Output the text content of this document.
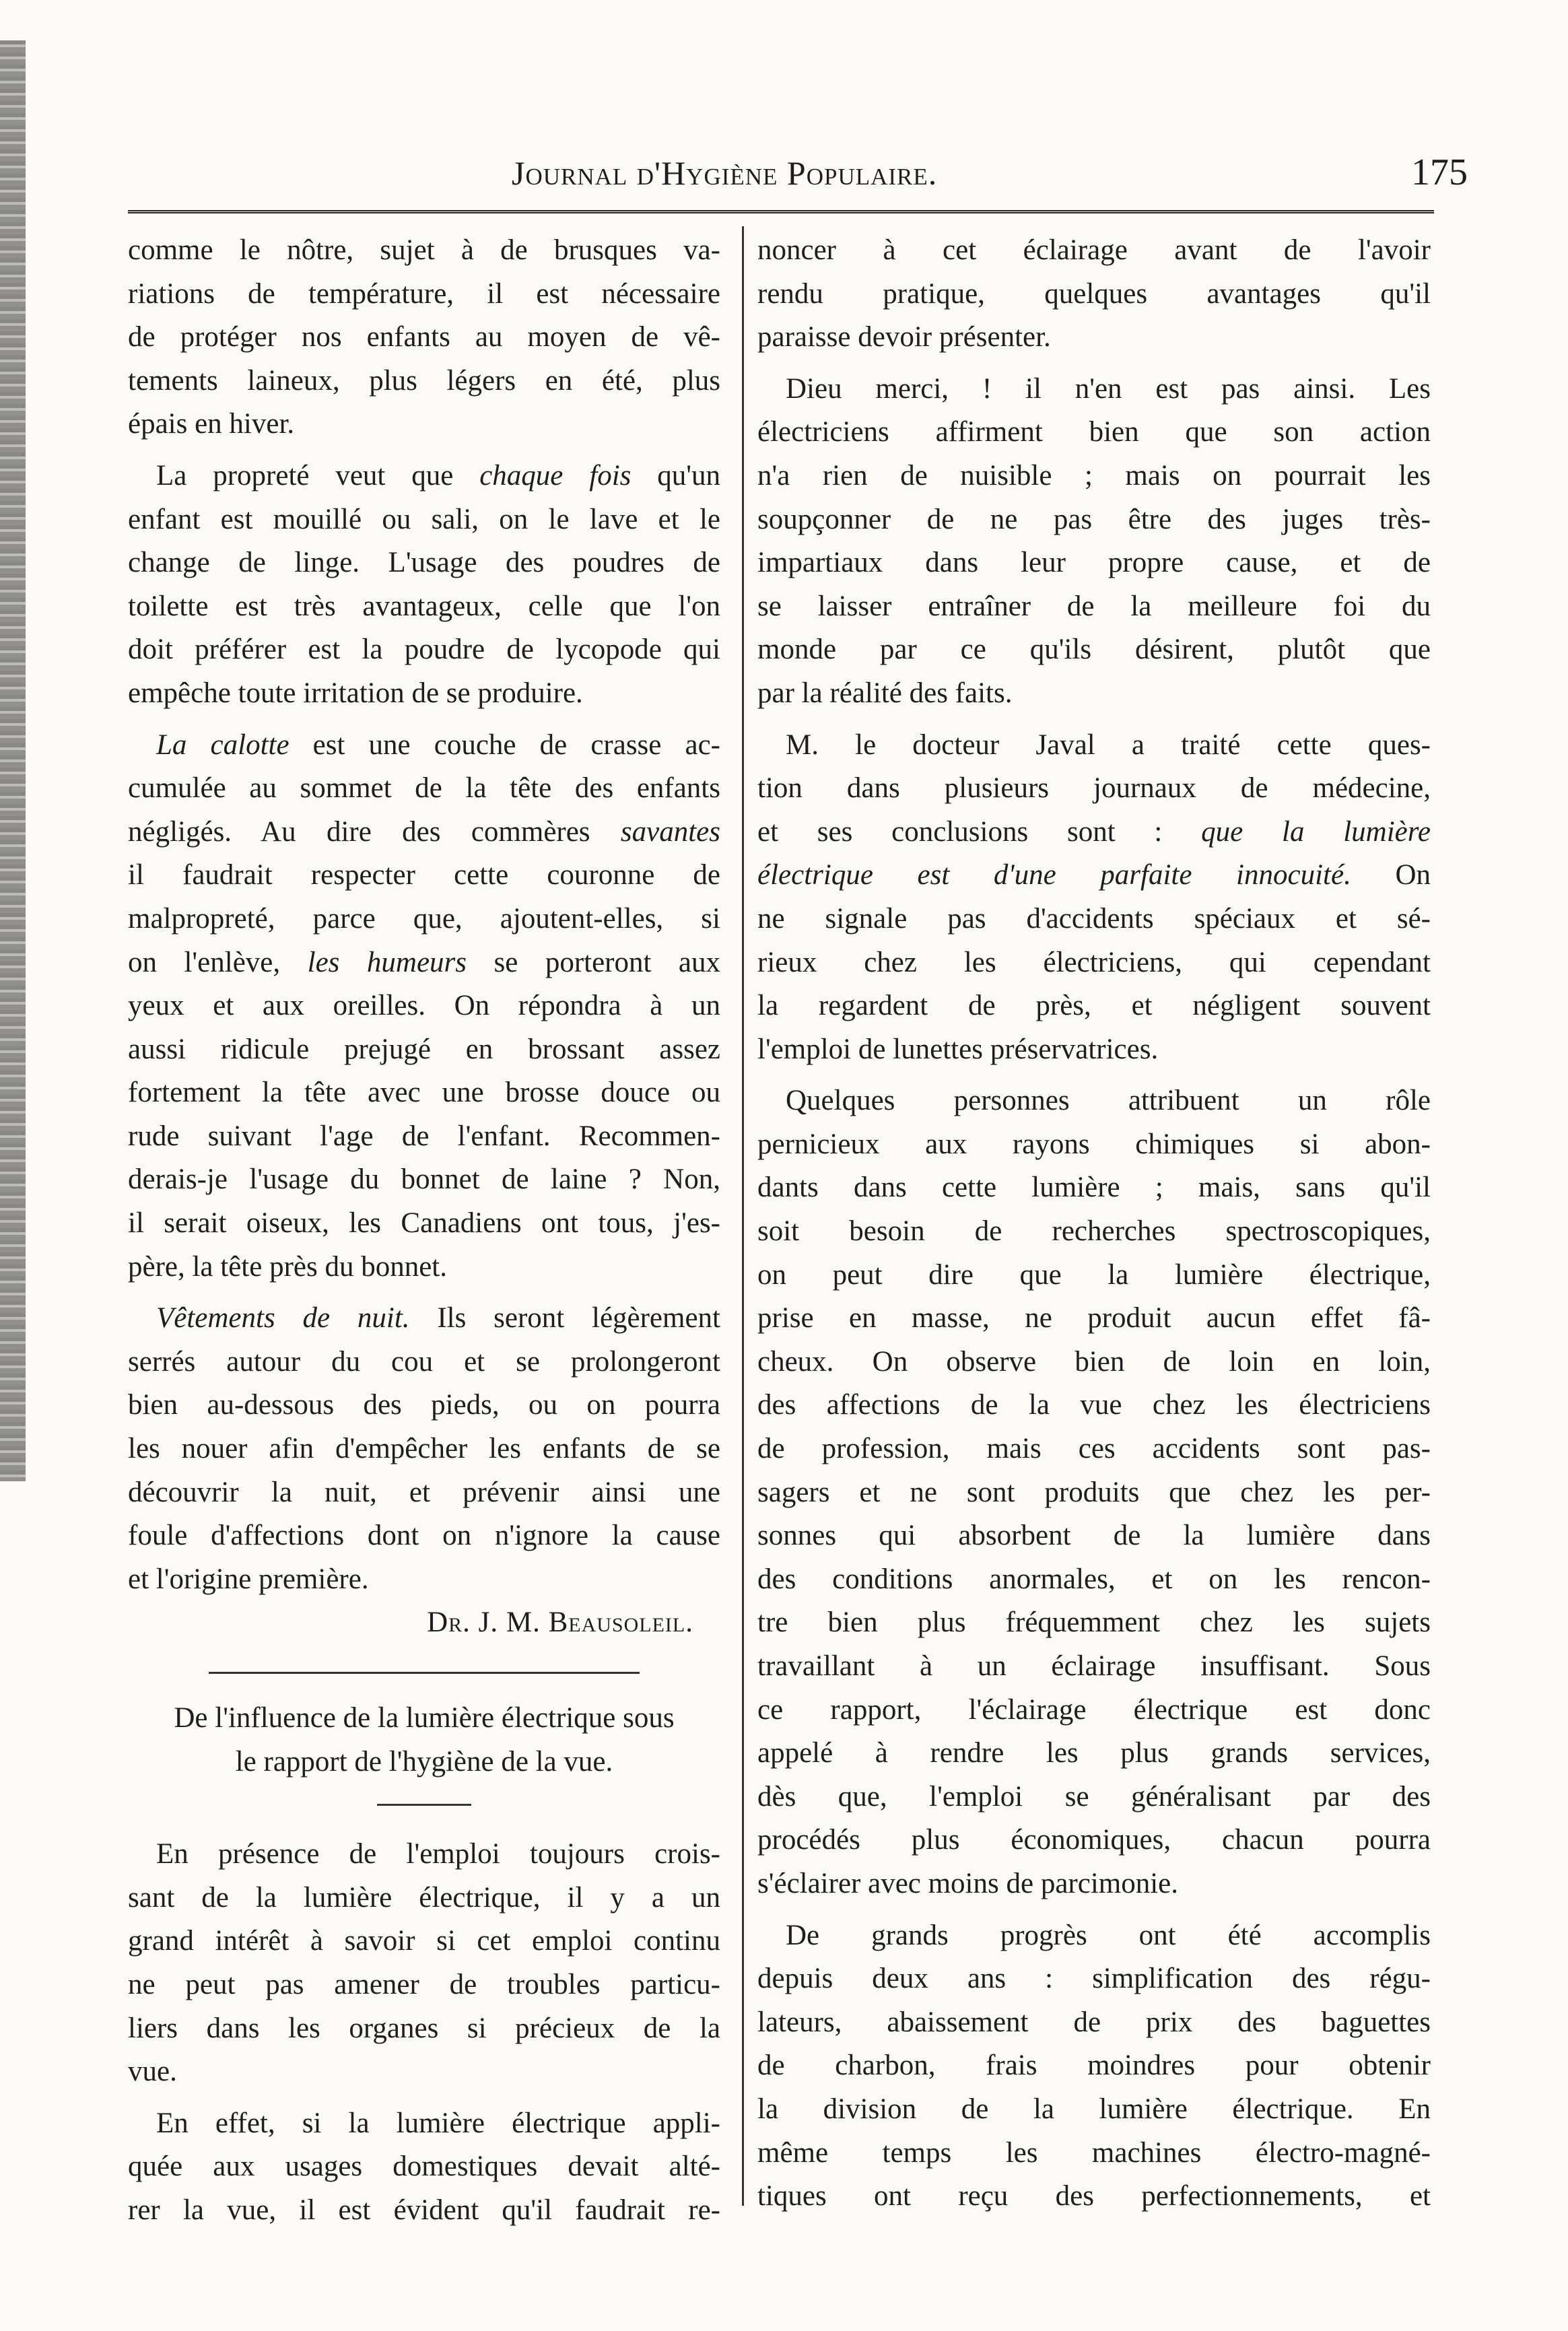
Journal d'Hygiène Populaire.	175
comme le nôtre, sujet à de brusques va-
riations de température, il est nécessaire
de protéger nos enfants au moyen de vê-
tements laineux, plus légers en été, plus
épais en hiver.
La propreté veut que chaque fois qu'un
enfant est mouillé ou sali, on le lave et le
change de linge. L'usage des poudres de
toilette est très avantageux, celle que l'on
doit préférer est la poudre de lycopode qui
empêche toute irritation de se produire.
La calotte est une couche de crasse ac-
cumulée au sommet de la tête des enfants
négligés. Au dire des commères savantes
il faudrait respecter cette couronne de
malpropreté, parce que, ajoutent-elles, si
on l'enlève, les humeurs se porteront aux
yeux et aux oreilles. On répondra à un
aussi ridicule prejugé en brossant assez
fortement la tête avec une brosse douce ou
rude suivant l'age de l'enfant. Recommen-
derais-je l'usage du bonnet de laine ? Non,
il serait oiseux, les Canadiens ont tous, j'es-
père, la tête près du bonnet.
Vêtements de nuit. Ils seront légèrement
serrés autour du cou et se prolongeront
bien au-dessous des pieds, ou on pourra
les nouer afin d'empêcher les enfants de se
découvrir la nuit, et prévenir ainsi une
foule d'affections dont on n'ignore la cause
et l'origine première.
Dr. J. M. Beausoleil.
De l'influence de la lumière électrique sous
le rapport de l'hygiène de la vue.
En présence de l'emploi toujours crois-
sant de la lumière électrique, il y a un
grand intérêt à savoir si cet emploi continu
ne peut pas amener de troubles particu-
liers dans les organes si précieux de la
vue.
En effet, si la lumière électrique appli-
quée aux usages domestiques devait alté-
rer la vue, il est évident qu'il faudrait re-
noncer à cet éclairage avant de l'avoir
rendu pratique, quelques avantages qu'il
paraisse devoir présenter.
Dieu merci, ! il n'en est pas ainsi. Les
électriciens affirment bien que son action
n'a rien de nuisible ; mais on pourrait les
soupçonner de ne pas être des juges très-
impartiaux dans leur propre cause, et de
se laisser entraîner de la meilleure foi du
monde par ce qu'ils désirent, plutôt que
par la réalité des faits.
M. le docteur Javal a traité cette ques-
tion dans plusieurs journaux de médecine,
et ses conclusions sont : que la lumière
électrique est d'une parfaite innocuité. On
ne signale pas d'accidents spéciaux et sé-
rieux chez les électriciens, qui cependant
la regardent de près, et négligent souvent
l'emploi de lunettes préservatrices.
Quelques personnes attribuent un rôle
pernicieux aux rayons chimiques si abon-
dants dans cette lumière ; mais, sans qu'il
soit besoin de recherches spectroscopiques,
on peut dire que la lumière électrique,
prise en masse, ne produit aucun effet fâ-
cheux. On observe bien de loin en loin,
des affections de la vue chez les électriciens
de profession, mais ces accidents sont pas-
sagers et ne sont produits que chez les per-
sonnes qui absorbent de la lumière dans
des conditions anormales, et on les rencon-
tre bien plus fréquemment chez les sujets
travaillant à un éclairage insuffisant. Sous
ce rapport, l'éclairage électrique est donc
appelé à rendre les plus grands services,
dès que, l'emploi se généralisant par des
procédés plus économiques, chacun pourra
s'éclairer avec moins de parcimonie.
De grands progrès ont été accomplis
depuis deux ans : simplification des régu-
lateurs, abaissement de prix des baguettes
de charbon, frais moindres pour obtenir
la division de la lumière électrique. En
même temps les machines électro-magné-
tiques ont reçu des perfectionnements, et
